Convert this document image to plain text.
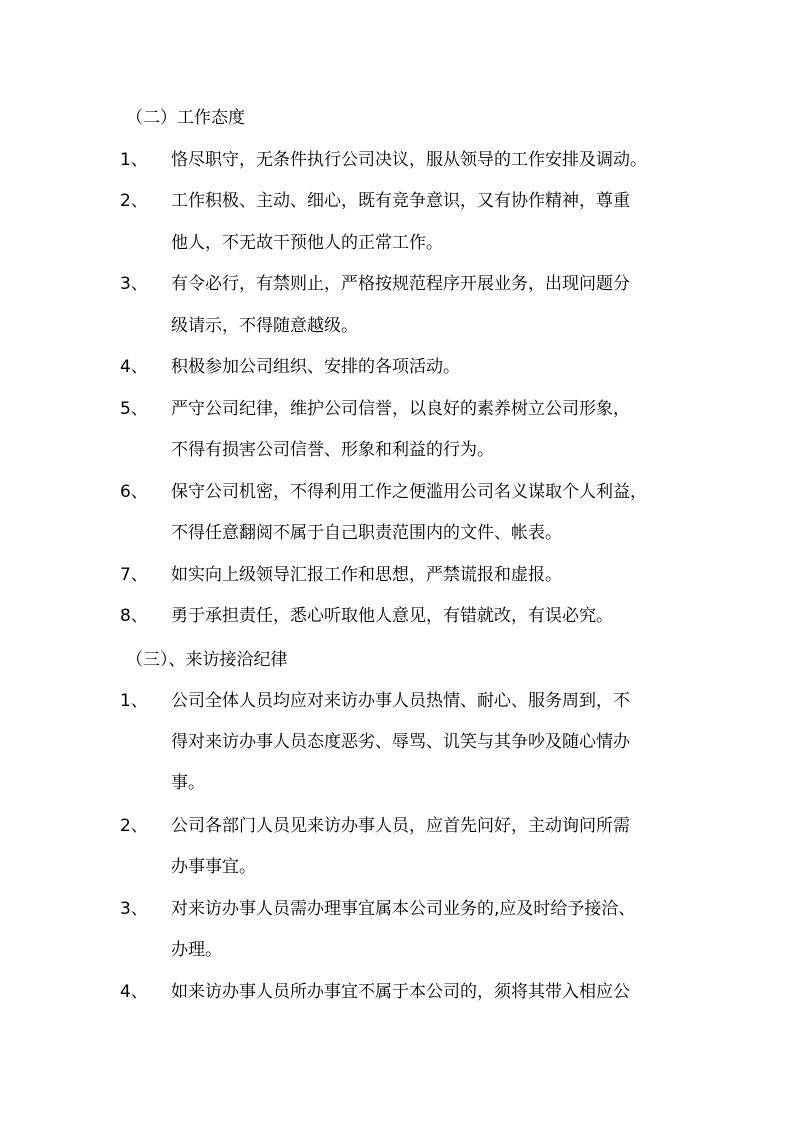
（二）工作态度
1、 恪尽职守，无条件执行公司决议，服从领导的工作安排及调动。
2、 工作积极、主动、细心，既有竞争意识，又有协作精神，尊重
他人，不无故干预他人的正常工作。
3、 有令必行，有禁则止，严格按规范程序开展业务，出现问题分
级请示，不得随意越级。
4、 积极参加公司组织、安排的各项活动。
5、 严守公司纪律，维护公司信誉，以良好的素养树立公司形象，
不得有损害公司信誉、形象和利益的行为。
6、 保守公司机密，不得利用工作之便滥用公司名义谋取个人利益，
不得任意翻阅不属于自己职责范围内的文件、帐表。
7、 如实向上级领导汇报工作和思想，严禁谎报和虚报。
8、 勇于承担责任，悉心听取他人意见，有错就改，有误必究。
（三）、来访接洽纪律
1、 公司全体人员均应对来访办事人员热情、耐心、服务周到，不
得对来访办事人员态度恶劣、辱骂、讥笑与其争吵及随心情办
事。
2、 公司各部门人员见来访办事人员，应首先问好，主动询问所需
办事事宜。
3、 对来访办事人员需办理事宜属本公司业务的,应及时给予接洽、
办理。
4、 如来访办事人员所办事宜不属于本公司的，须将其带入相应公
